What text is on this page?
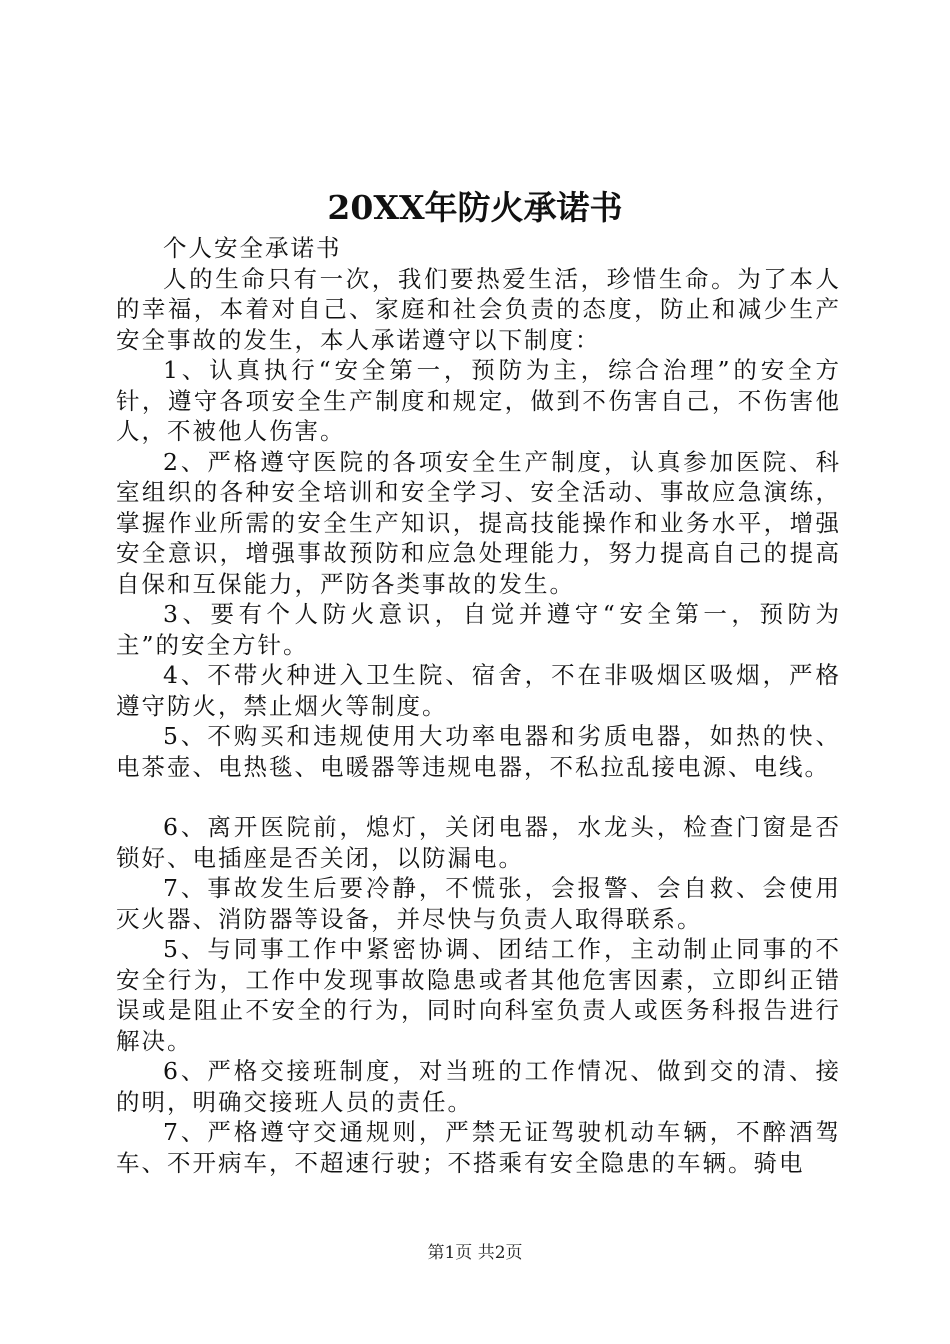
20XX年防火承诺书

个人安全承诺书

人的生命只有一次，我们要热爱生活，珍惜生命。为了本人的幸福，本着对自己、家庭和社会负责的态度，防止和减少生产安全事故的发生，本人承诺遵守以下制度：

1、认真执行“安全第一，预防为主，综合治理”的安全方针，遵守各项安全生产制度和规定，做到不伤害自己，不伤害他人，不被他人伤害。

2、严格遵守医院的各项安全生产制度，认真参加医院、科室组织的各种安全培训和安全学习、安全活动、事故应急演练，掌握作业所需的安全生产知识，提高技能操作和业务水平，增强安全意识，增强事故预防和应急处理能力，努力提高自己的提高自保和互保能力，严防各类事故的发生。

3、要有个人防火意识，自觉并遵守“安全第一，预防为主”的安全方针。

4、不带火种进入卫生院、宿舍，不在非吸烟区吸烟，严格遵守防火，禁止烟火等制度。

5、不购买和违规使用大功率电器和劣质电器，如热的快、电茶壶、电热毯、电暖器等违规电器，不私拉乱接电源、电线。

6、离开医院前，熄灯，关闭电器，水龙头，检查门窗是否锁好、电插座是否关闭，以防漏电。

7、事故发生后要冷静，不慌张，会报警、会自救、会使用灭火器、消防器等设备，并尽快与负责人取得联系。

5、与同事工作中紧密协调、团结工作，主动制止同事的不安全行为，工作中发现事故隐患或者其他危害因素，立即纠正错误或是阻止不安全的行为，同时向科室负责人或医务科报告进行解决。

6、严格交接班制度，对当班的工作情况、做到交的清、接的明，明确交接班人员的责任。

7、严格遵守交通规则，严禁无证驾驶机动车辆，不醉酒驾车、不开病车，不超速行驶；不搭乘有安全隐患的车辆。骑电

第1页 共2页
